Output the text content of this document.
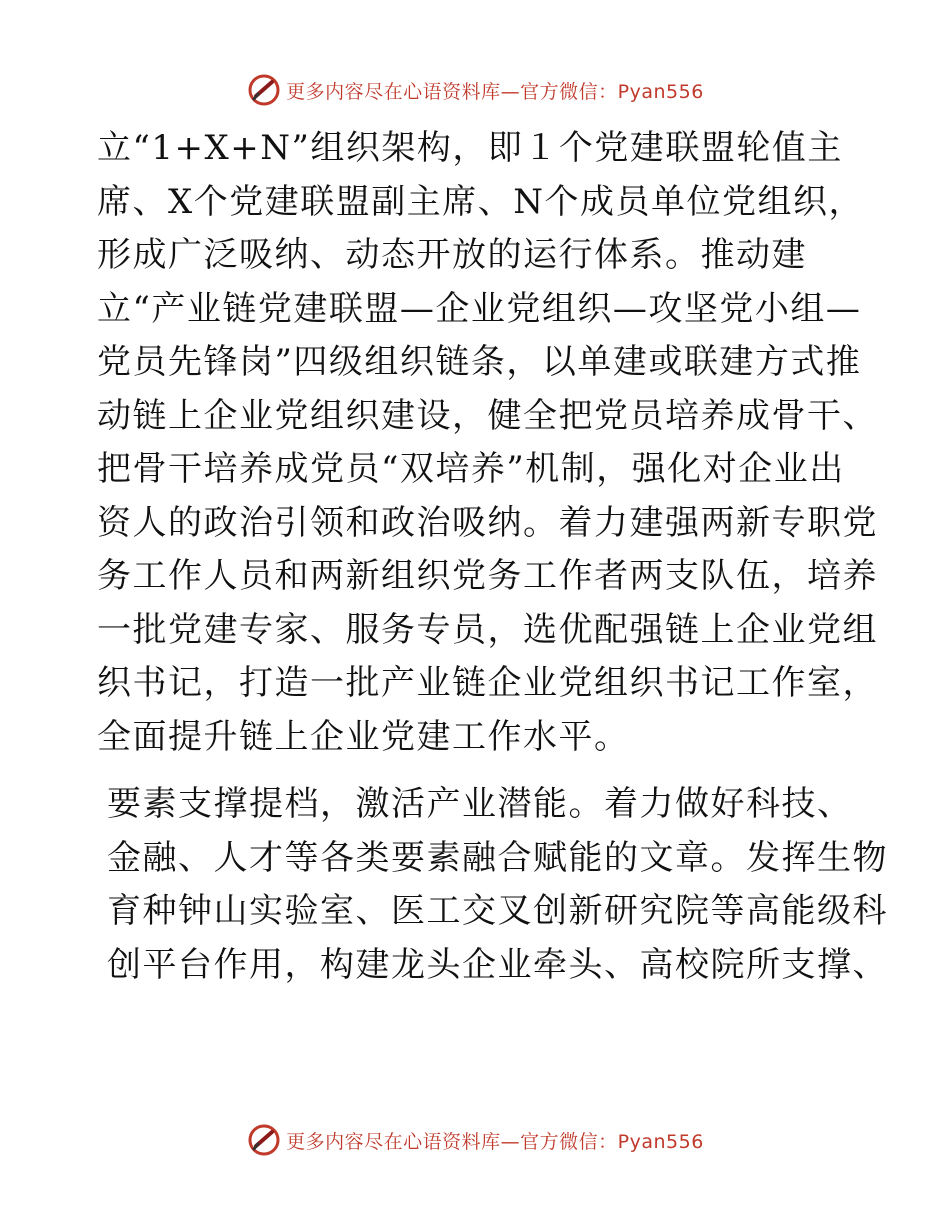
更多内容尽在心语资料库—官方微信：Pyan556

立“1+X+N”组织架构，即１个党建联盟轮值主
席、X个党建联盟副主席、N个成员单位党组织，
形成广泛吸纳、动态开放的运行体系。推动建
立“产业链党建联盟—企业党组织—攻坚党小组—
党员先锋岗”四级组织链条，以单建或联建方式推
动链上企业党组织建设，健全把党员培养成骨干、
把骨干培养成党员“双培养”机制，强化对企业出
资人的政治引领和政治吸纳。着力建强两新专职党
务工作人员和两新组织党务工作者两支队伍，培养
一批党建专家、服务专员，选优配强链上企业党组
织书记，打造一批产业链企业党组织书记工作室，
全面提升链上企业党建工作水平。

要素支撑提档，激活产业潜能。着力做好科技、
金融、人才等各类要素融合赋能的文章。发挥生物
育种钟山实验室、医工交叉创新研究院等高能级科
创平台作用，构建龙头企业牵头、高校院所支撑、

更多内容尽在心语资料库—官方微信：Pyan556
